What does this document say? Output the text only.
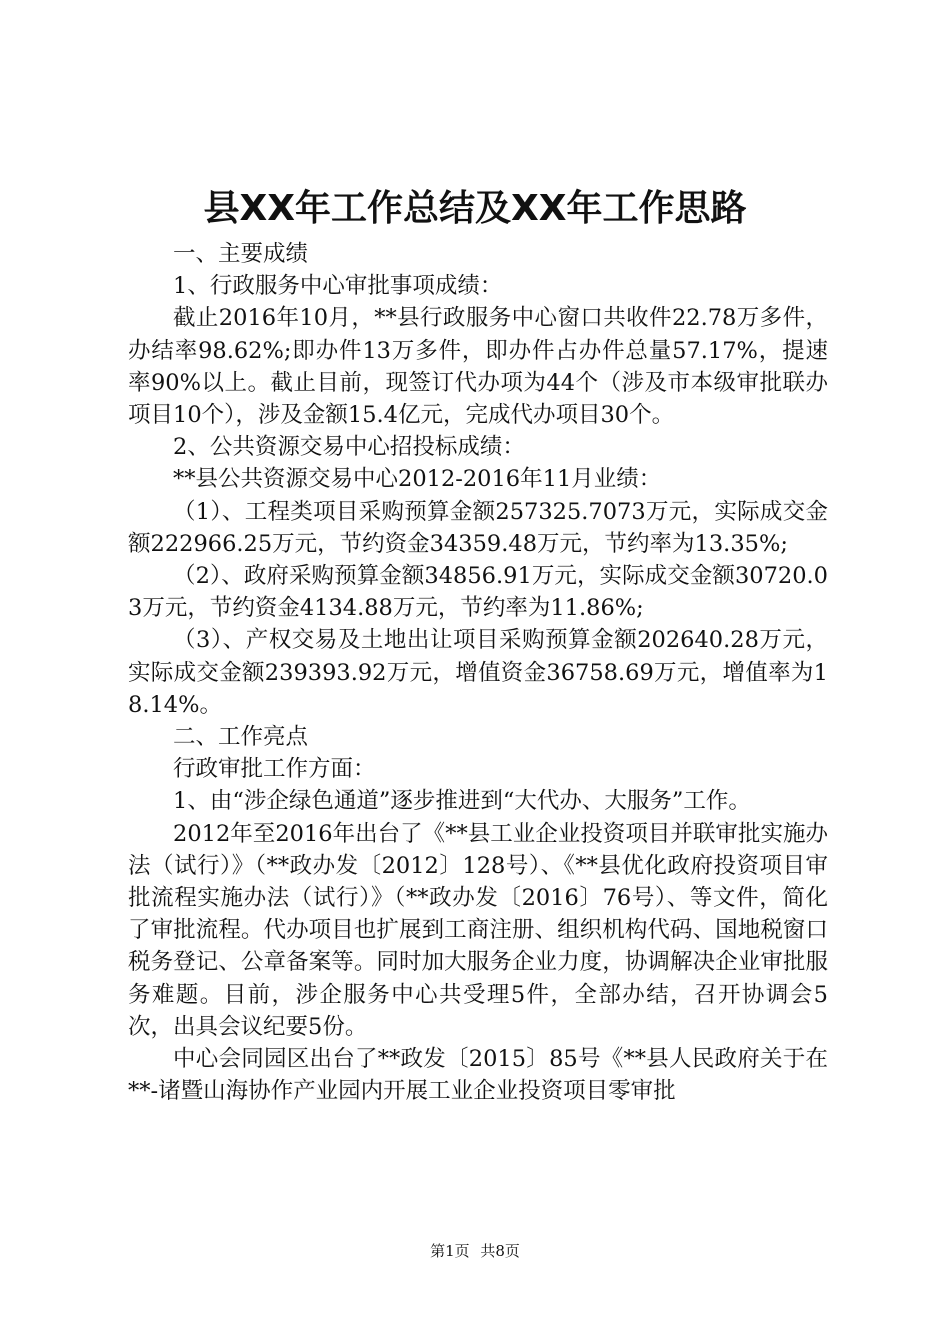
县XX年工作总结及XX年工作思路

一、主要成绩

1、行政服务中心审批事项成绩：

截止2016年10月，**县行政服务中心窗口共收件22.78万多件，办结率98.62%;即办件13万多件，即办件占办件总量57.17%，提速率90%以上。截止目前，现签订代办项为44个（涉及市本级审批联办项目10个），涉及金额15.4亿元，完成代办项目30个。

2、公共资源交易中心招投标成绩：

**县公共资源交易中心2012-2016年11月业绩：

（1）、工程类项目采购预算金额257325.7073万元，实际成交金额222966.25万元，节约资金34359.48万元，节约率为13.35%;

（2）、政府采购预算金额34856.91万元，实际成交金额30720.03万元，节约资金4134.88万元，节约率为11.86%;

（3）、产权交易及土地出让项目采购预算金额202640.28万元，实际成交金额239393.92万元，增值资金36758.69万元，增值率为18.14%。

二、工作亮点

行政审批工作方面：

1、由“涉企绿色通道”逐步推进到“大代办、大服务”工作。

2012年至2016年出台了《**县工业企业投资项目并联审批实施办法（试行）》（**政办发〔2012〕128号）、《**县优化政府投资项目审批流程实施办法（试行）》（**政办发〔2016〕76号）、等文件，简化了审批流程。代办项目也扩展到工商注册、组织机构代码、国地税窗口税务登记、公章备案等。同时加大服务企业力度，协调解决企业审批服务难题。目前，涉企服务中心共受理5件，全部办结，召开协调会5次，出具会议纪要5份。

中心会同园区出台了**政发〔2015〕85号《**县人民政府关于在**-诸暨山海协作产业园内开展工业企业投资项目零审批

第1页 共8页
